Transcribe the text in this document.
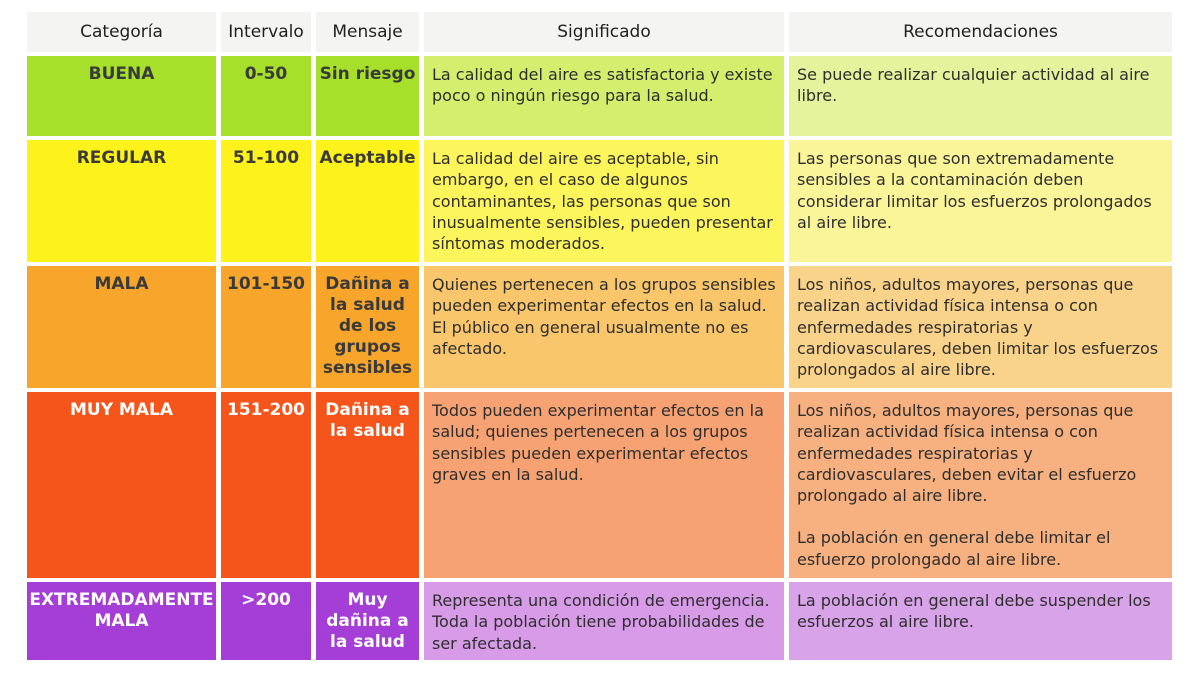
Categoría	Intervalo	Mensaje	Significado	Recomendaciones
BUENA	0-50	Sin riesgo	La calidad del aire es satisfactoria y existe poco o ningún riesgo para la salud.	Se puede realizar cualquier actividad al aire libre.
REGULAR	51-100	Aceptable	La calidad del aire es aceptable, sin embargo, en el caso de algunos contaminantes, las personas que son inusualmente sensibles, pueden presentar síntomas moderados.	Las personas que son extremadamente sensibles a la contaminación deben considerar limitar los esfuerzos prolongados al aire libre.
MALA	101-150	Dañina a la salud de los grupos sensibles	Quienes pertenecen a los grupos sensibles pueden experimentar efectos en la salud. El público en general usualmente no es afectado.	Los niños, adultos mayores, personas que realizan actividad física intensa o con enfermedades respiratorias y cardiovasculares, deben limitar los esfuerzos prolongados al aire libre.
MUY MALA	151-200	Dañina a la salud	Todos pueden experimentar efectos en la salud; quienes pertenecen a los grupos sensibles pueden experimentar efectos graves en la salud.	Los niños, adultos mayores, personas que realizan actividad física intensa o con enfermedades respiratorias y cardiovasculares, deben evitar el esfuerzo prolongado al aire libre.
La población en general debe limitar el esfuerzo prolongado al aire libre.
EXTREMADAMENTE MALA	>200	Muy dañina a la salud	Representa una condición de emergencia. Toda la población tiene probabilidades de ser afectada.	La población en general debe suspender los esfuerzos al aire libre.
